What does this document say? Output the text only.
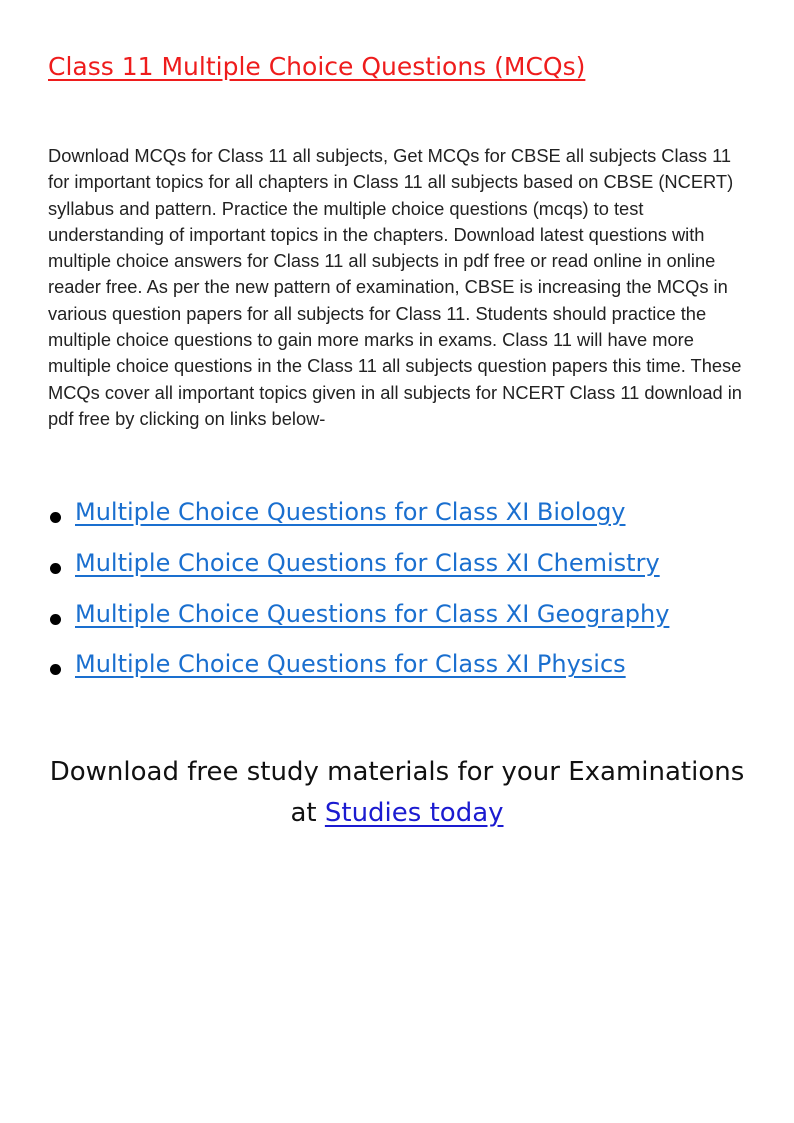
Class 11 Multiple Choice Questions (MCQs)

Download MCQs for Class 11 all subjects, Get MCQs for CBSE all subjects Class 11 for important topics for all chapters in Class 11 all subjects based on CBSE (NCERT) syllabus and pattern. Practice the multiple choice questions (mcqs) to test understanding of important topics in the chapters. Download latest questions with multiple choice answers for Class 11 all subjects in pdf free or read online in online reader free. As per the new pattern of examination, CBSE is increasing the MCQs in various question papers for all subjects for Class 11. Students should practice the multiple choice questions to gain more marks in exams. Class 11 will have more multiple choice questions in the Class 11 all subjects question papers this time. These MCQs cover all important topics given in all subjects for NCERT Class 11 download in pdf free by clicking on links below-

Multiple Choice Questions for Class XI Biology
Multiple Choice Questions for Class XI Chemistry
Multiple Choice Questions for Class XI Geography
Multiple Choice Questions for Class XI Physics
Download free study materials for your Examinations
at Studies today
